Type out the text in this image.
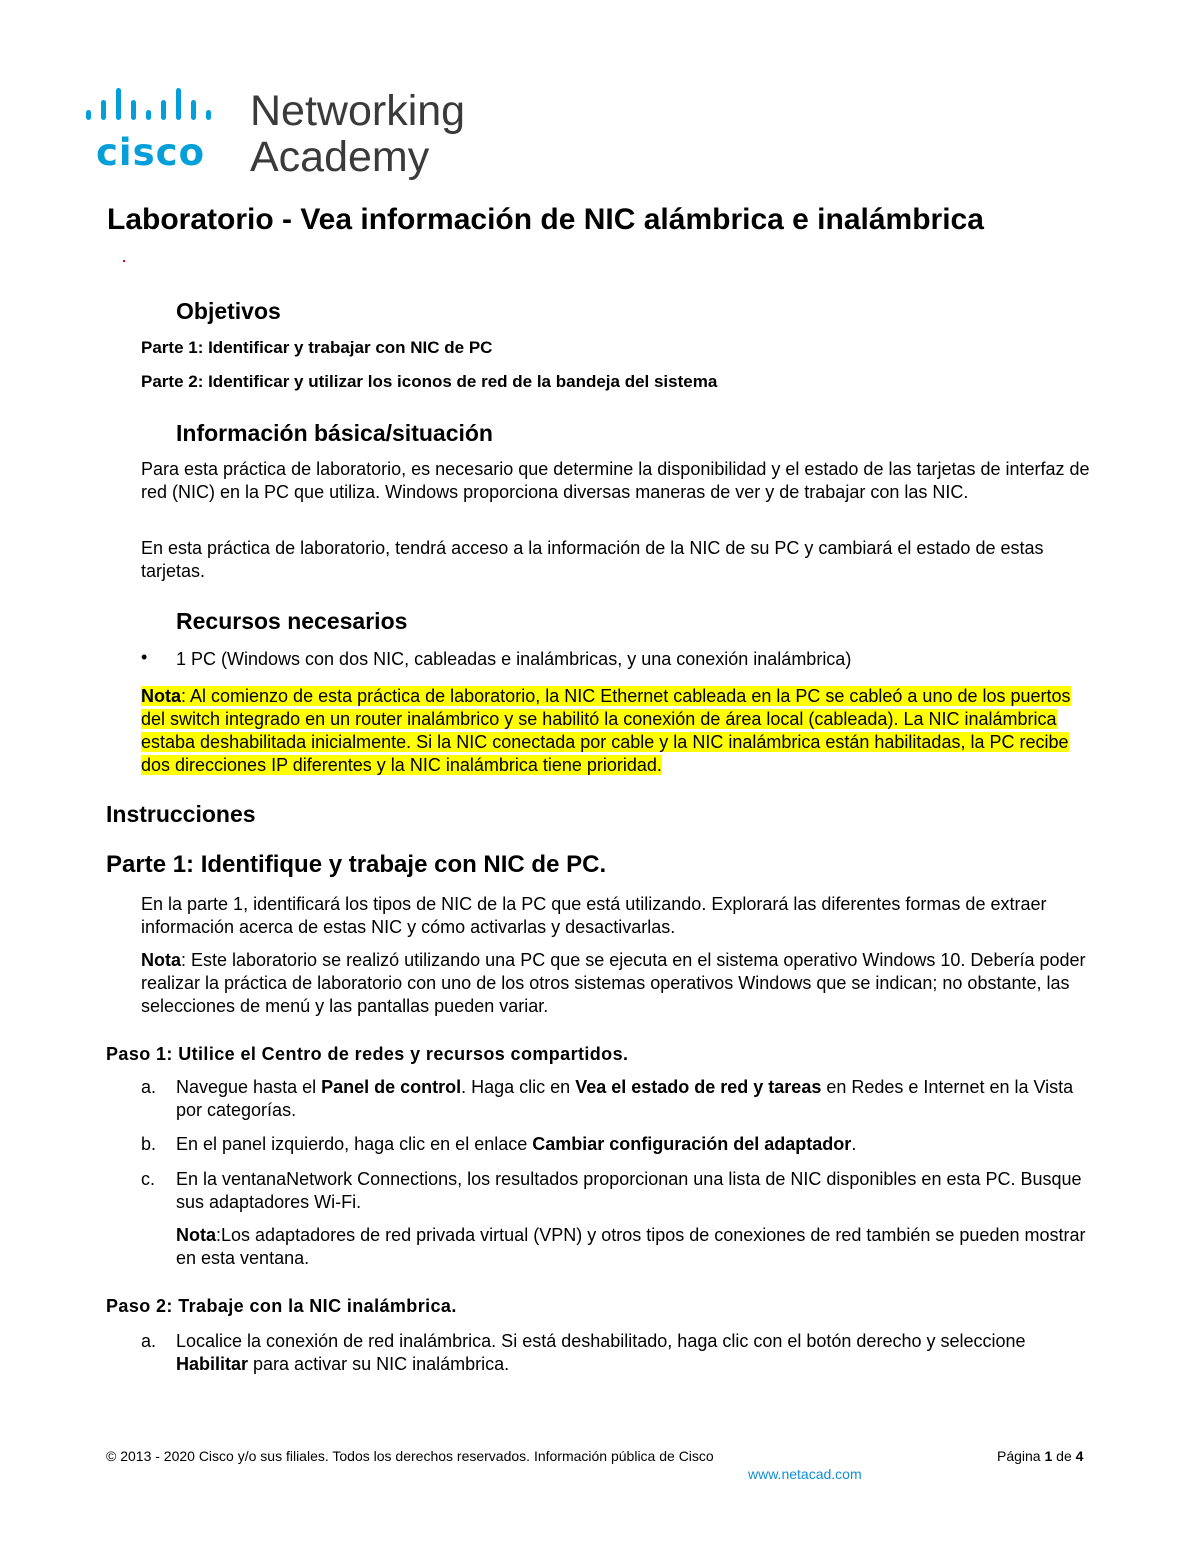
cisco
Networking
Academy
Laboratorio - Vea información de NIC alámbrica e inalámbrica
Objetivos
Parte 1: Identificar y trabajar con NIC de PC
Parte 2: Identificar y utilizar los iconos de red de la bandeja del sistema
Información básica/situación

Para esta práctica de laboratorio, es necesario que determine la disponibilidad y el estado de las tarjetas de interfaz de red (NIC) en la PC que utiliza. Windows proporciona diversas maneras de ver y de trabajar con las NIC.

En esta práctica de laboratorio, tendrá acceso a la información de la NIC de su PC y cambiará el estado de estas tarjetas.

Recursos necesarios
• 1 PC (Windows con dos NIC, cableadas e inalámbricas, y una conexión inalámbrica)

Nota: Al comienzo de esta práctica de laboratorio, la NIC Ethernet cableada en la PC se cableó a uno de los puertos del switch integrado en un router inalámbrico y se habilitó la conexión de área local (cableada). La NIC inalámbrica estaba deshabilitada inicialmente. Si la NIC conectada por cable y la NIC inalámbrica están habilitadas, la PC recibe dos direcciones IP diferentes y la NIC inalámbrica tiene prioridad.

Instrucciones
Parte 1: Identifique y trabaje con NIC de PC.

En la parte 1, identificará los tipos de NIC de la PC que está utilizando. Explorará las diferentes formas de extraer información acerca de estas NIC y cómo activarlas y desactivarlas.

Nota: Este laboratorio se realizó utilizando una PC que se ejecuta en el sistema operativo Windows 10. Debería poder realizar la práctica de laboratorio con uno de los otros sistemas operativos Windows que se indican; no obstante, las selecciones de menú y las pantallas pueden variar.

Paso 1: Utilice el Centro de redes y recursos compartidos.
a. Navegue hasta el Panel de control. Haga clic en Vea el estado de red y tareas en Redes e Internet en la Vista por categorías.

b. En el panel izquierdo, haga clic en el enlace Cambiar configuración del adaptador.

c. En la ventanaNetwork Connections, los resultados proporcionan una lista de NIC disponibles en esta PC. Busque sus adaptadores Wi-Fi.

Nota:Los adaptadores de red privada virtual (VPN) y otros tipos de conexiones de red también se pueden mostrar en esta ventana.

Paso 2: Trabaje con la NIC inalámbrica.
a. Localice la conexión de red inalámbrica. Si está deshabilitado, haga clic con el botón derecho y seleccione Habilitar para activar su NIC inalámbrica.

© 2013 - 2020 Cisco y/o sus filiales. Todos los derechos reservados. Información pública de Cisco	Página 1 de 4
www.netacad.com
